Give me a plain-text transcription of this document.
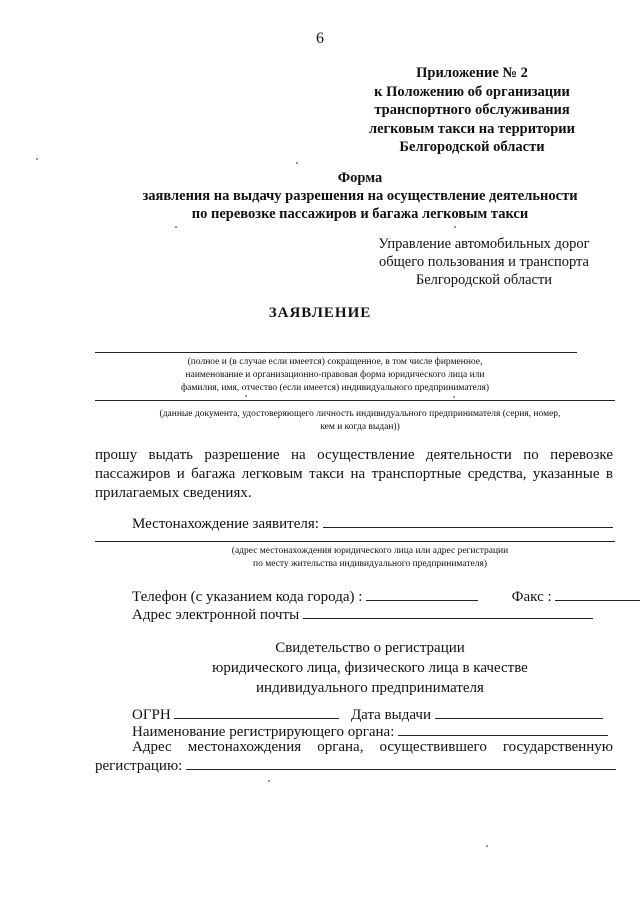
6
Приложение № 2
к Положению об организации
транспортного обслуживания
легковым такси на территории
Белгородской области
Форма
заявления на выдачу разрешения на осуществление деятельности
по перевозке пассажиров и багажа легковым такси
Управление автомобильных дорог
общего пользования и транспорта
Белгородской области
ЗАЯВЛЕНИЕ
(полное и (в случае если имеется) сокращенное, в том числе фирменное,
наименование и организационно-правовая форма юридического лица или
фамилия, имя, отчество (если имеется) индивидуального предпринимателя)
(данные документа, удостоверяющего личность индивидуального предпринимателя (серия, номер,
кем и когда выдан))
прошу выдать разрешение на осуществление деятельности по перевозке
пассажиров и багажа легковым такси на транспортные средства, указанные в
прилагаемых сведениях.
Местонахождение заявителя:
(адрес местонахождения юридического лица или адрес регистрации
по месту жительства индивидуального предпринимателя)
Телефон (с указанием кода города) :	Факс :
Адрес электронной почты
Свидетельство о регистрации
юридического лица, физического лица в качестве
индивидуального предпринимателя
ОГРН	Дата выдачи
Наименование регистрирующего органа:
Адрес местонахождения органа, осуществившего государственную
регистрацию:
